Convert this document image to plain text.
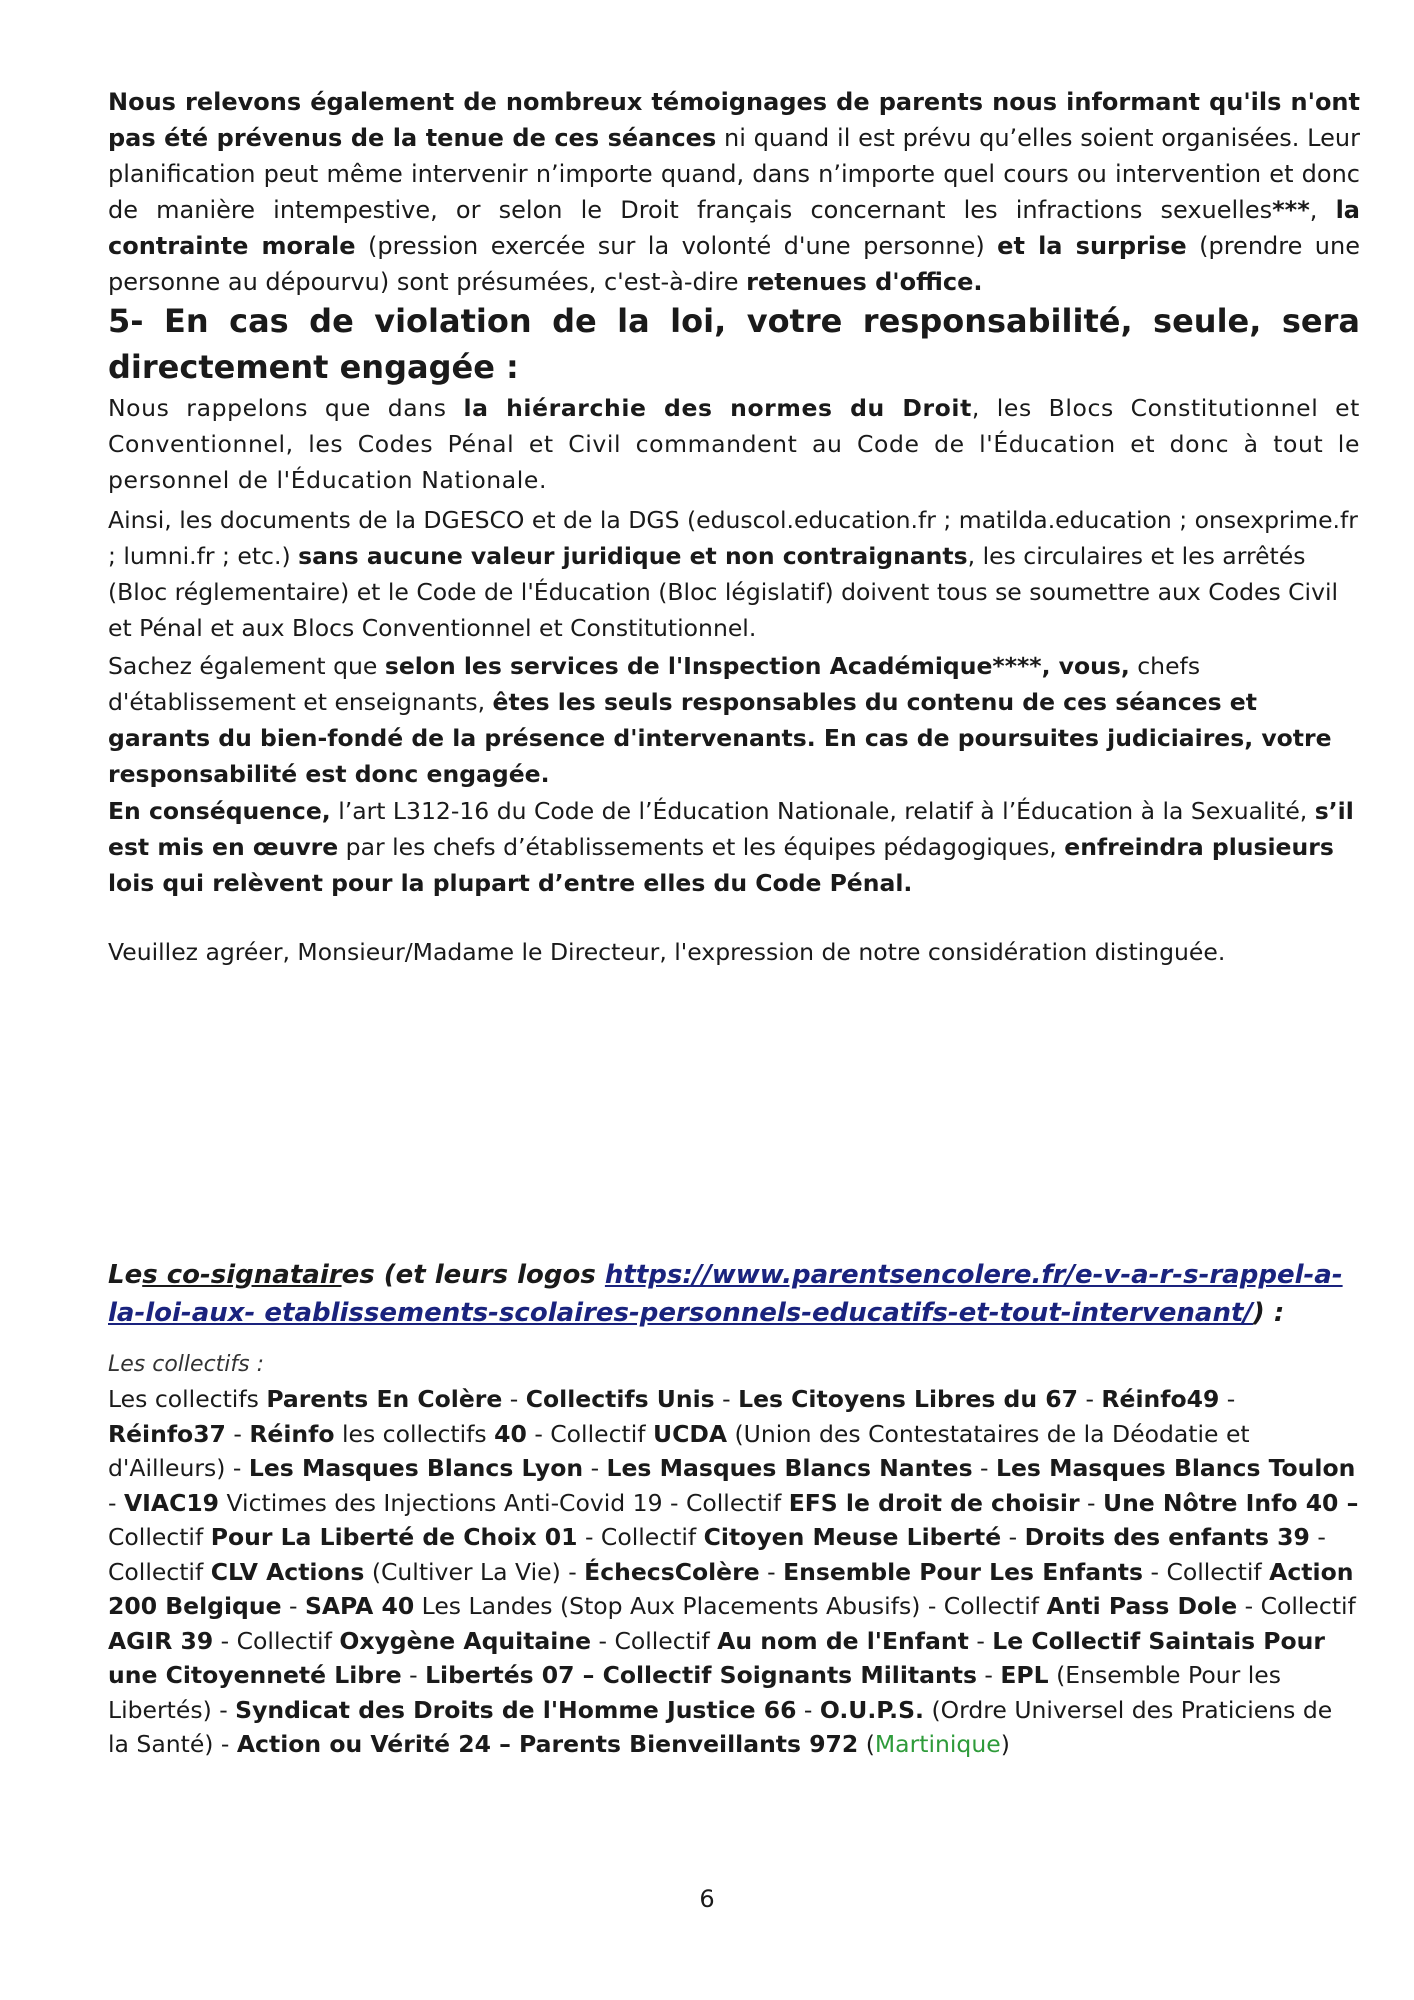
Nous relevons également de nombreux témoignages de parents nous informant qu'ils n'ont pas été prévenus de la tenue de ces séances ni quand il est prévu qu’elles soient organisées. Leur planification peut même intervenir n’importe quand, dans n’importe quel cours ou intervention et donc de manière intempestive, or selon le Droit français concernant les infractions sexuelles***, la contrainte morale (pression exercée sur la volonté d'une personne) et la surprise (prendre une personne au dépourvu) sont présumées, c'est-à-dire retenues d'office.
5- En cas de violation de la loi, votre responsabilité, seule, sera directement engagée :
Nous rappelons que dans la hiérarchie des normes du Droit, les Blocs Constitutionnel et Conventionnel, les Codes Pénal et Civil commandent au Code de l'Éducation et donc à tout le personnel de l'Éducation Nationale.
Ainsi, les documents de la DGESCO et de la DGS (eduscol.education.fr ; matilda.education ; onsexprime.fr ; lumni.fr ; etc.) sans aucune valeur juridique et non contraignants, les circulaires et les arrêtés (Bloc réglementaire) et le Code de l'Éducation (Bloc législatif) doivent tous se soumettre aux Codes Civil et Pénal et aux Blocs Conventionnel et Constitutionnel.
Sachez également que selon les services de l'Inspection Académique****, vous, chefs d'établissement et enseignants, êtes les seuls responsables du contenu de ces séances et garants du bien-fondé de la présence d'intervenants. En cas de poursuites judiciaires, votre responsabilité est donc engagée.
En conséquence, l’art L312-16 du Code de l’Éducation Nationale, relatif à l’Éducation à la Sexualité, s’il est mis en œuvre par les chefs d’établissements et les équipes pédagogiques, enfreindra plusieurs lois qui relèvent pour la plupart d’entre elles du Code Pénal.
Veuillez agréer, Monsieur/Madame le Directeur, l'expression de notre considération distinguée.
Les co-signataires (et leurs logos https://www.parentsencolere.fr/e-v-a-r-s-rappel-a-la-loi-aux- etablissements-scolaires-personnels-educatifs-et-tout-intervenant/) :
Les collectifs :
Les collectifs Parents En Colère - Collectifs Unis - Les Citoyens Libres du 67 - Réinfo49 - Réinfo37 - Réinfo les collectifs 40 - Collectif UCDA (Union des Contestataires de la Déodatie et d'Ailleurs) - Les Masques Blancs Lyon - Les Masques Blancs Nantes - Les Masques Blancs Toulon - VIAC19 Victimes des Injections Anti-Covid 19 - Collectif EFS le droit de choisir - Une Nôtre Info 40 – Collectif Pour La Liberté de Choix 01 - Collectif Citoyen Meuse Liberté - Droits des enfants 39 - Collectif CLV Actions (Cultiver La Vie) - ÉchecsColère - Ensemble Pour Les Enfants - Collectif Action 200 Belgique - SAPA 40 Les Landes (Stop Aux Placements Abusifs) - Collectif Anti Pass Dole - Collectif AGIR 39 - Collectif Oxygène Aquitaine - Collectif Au nom de l'Enfant - Le Collectif Saintais Pour une Citoyenneté Libre - Libertés 07 – Collectif Soignants Militants - EPL (Ensemble Pour les Libertés) - Syndicat des Droits de l'Homme Justice 66 - O.U.P.S. (Ordre Universel des Praticiens de la Santé) - Action ou Vérité 24 – Parents Bienveillants 972 (Martinique)
6
